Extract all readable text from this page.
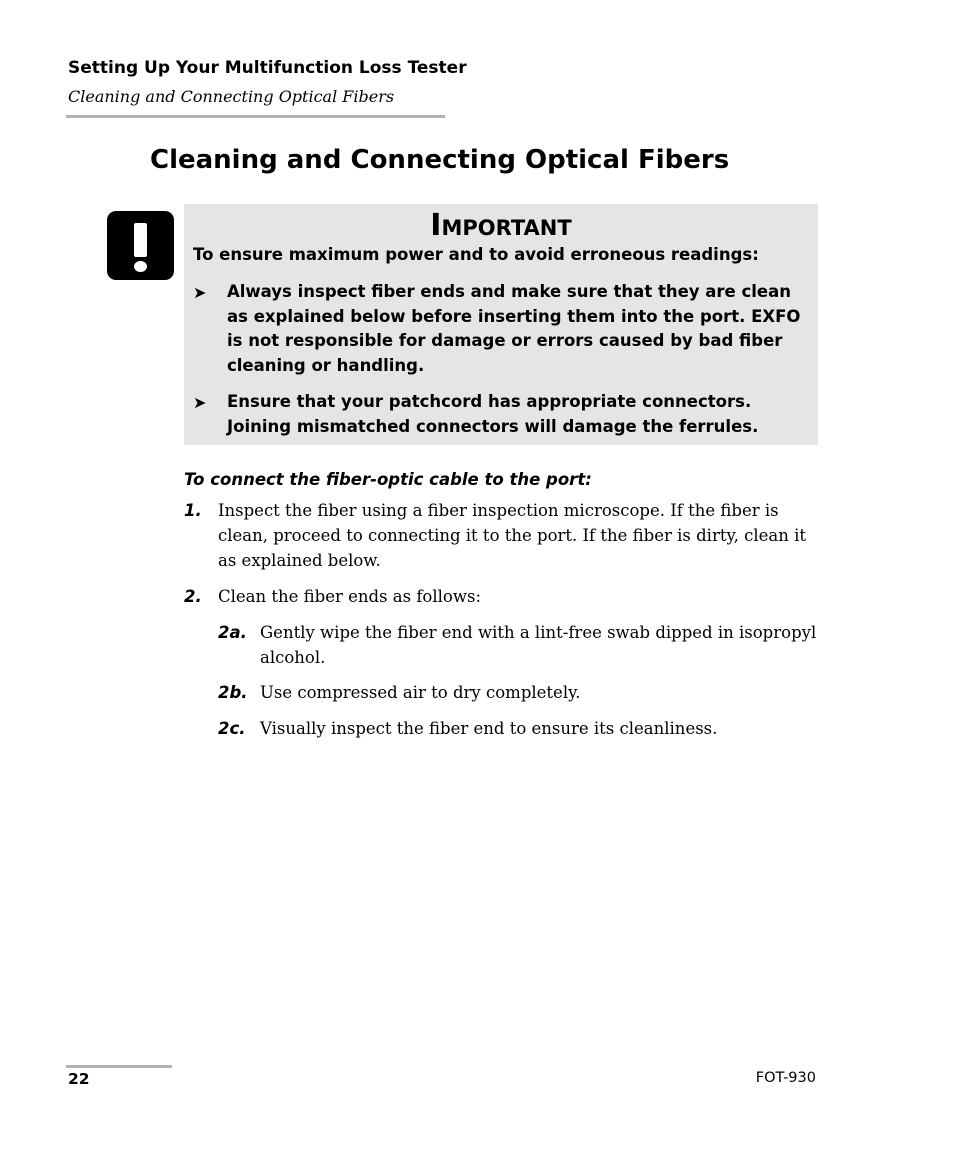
Setting Up Your Multifunction Loss Tester
Cleaning and Connecting Optical Fibers
Cleaning and Connecting Optical Fibers
Important
To ensure maximum power and to avoid erroneous readings:
➤ Always inspect fiber ends and make sure that they are clean as explained below before inserting them into the port. EXFO is not responsible for damage or errors caused by bad fiber cleaning or handling.
➤ Ensure that your patchcord has appropriate connectors. Joining mismatched connectors will damage the ferrules.
To connect the fiber-optic cable to the port:
1. Inspect the fiber using a fiber inspection microscope. If the fiber is clean, proceed to connecting it to the port. If the fiber is dirty, clean it as explained below.
2. Clean the fiber ends as follows:
2a. Gently wipe the fiber end with a lint-free swab dipped in isopropyl alcohol.
2b. Use compressed air to dry completely.
2c. Visually inspect the fiber end to ensure its cleanliness.
22	FOT-930
